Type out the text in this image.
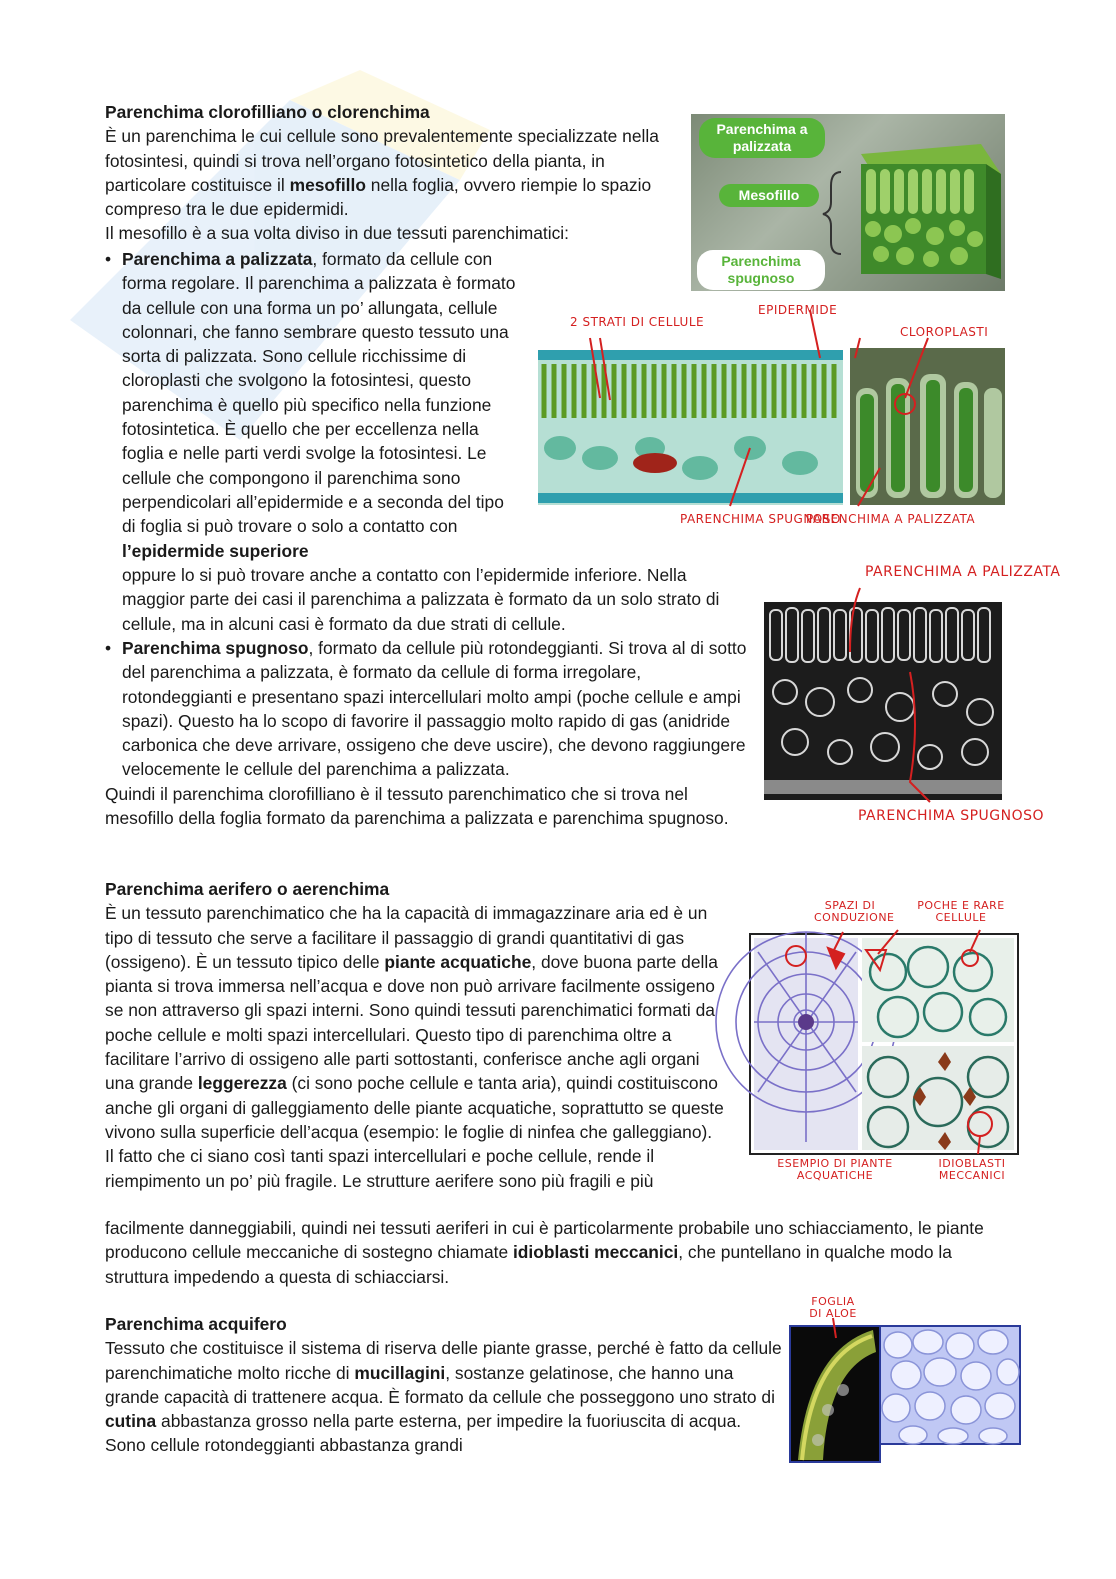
Parenchima clorofilliano o clorenchima

È un parenchima le cui cellule sono prevalentemente specializzate nella fotosintesi, quindi si trova nell’organo fotosintetico della pianta, in particolare costituisce il mesofillo nella foglia, ovvero riempie lo spazio compreso tra le due epidermidi.

Il mesofillo è a sua volta diviso in due tessuti parenchimatici:

• Parenchima a palizzata, formato da cellule con forma regolare. Il parenchima a palizzata è formato da cellule con una forma un po’ allungata, cellule colonnari, che fanno sembrare questo tessuto una sorta di palizzata. Sono cellule ricchissime di cloroplasti che svolgono la fotosintesi, questo parenchima è quello più specifico nella funzione fotosintetica. È quello che per eccellenza nella foglia e nelle parti verdi svolge la fotosintesi. Le cellule che compongono il parenchima sono perpendicolari all’epidermide e a seconda del tipo di foglia si può trovare o solo a contatto con l’epidermide superiore

oppure lo si può trovare anche a contatto con l’epidermide inferiore. Nella maggior parte dei casi il parenchima a palizzata è formato da un solo strato di cellule, ma in alcuni casi è formato da due strati di cellule.

• Parenchima spugnoso, formato da cellule più rotondeggianti. Si trova al di sotto del parenchima a palizzata, è formato da cellule di forma irregolare, rotondeggianti e presentano spazi intercellulari molto ampi (poche cellule e ampi spazi). Questo ha lo scopo di favorire il passaggio molto rapido di gas (anidride carbonica che deve arrivare, ossigeno che deve uscire), che devono raggiungere velocemente le cellule del parenchima a palizzata.

Quindi il parenchima clorofilliano è il tessuto parenchimatico che si trova nel mesofillo della foglia formato da parenchima a palizzata e parenchima spugnoso.

Parenchima aerifero o aerenchima

È un tessuto parenchimatico che ha la capacità di immagazzinare aria ed è un tipo di tessuto che serve a facilitare il passaggio di grandi quantitativi di gas (ossigeno). È un tessuto tipico delle piante acquatiche, dove buona parte della pianta si trova immersa nell’acqua e dove non può arrivare facilmente ossigeno se non attraverso gli spazi interni. Sono quindi tessuti parenchimatici formati da poche cellule e molti spazi intercellulari. Questo tipo di parenchima oltre a facilitare l’arrivo di ossigeno alle parti sottostanti, conferisce anche agli organi una grande leggerezza (ci sono poche cellule e tanta aria), quindi costituiscono anche gli organi di galleggiamento delle piante acquatiche, soprattutto se queste vivono sulla superficie dell’acqua (esempio: le foglie di ninfea che galleggiano).

Il fatto che ci siano così tanti spazi intercellulari e poche cellule, rende il riempimento un po’ più fragile. Le strutture aerifere sono più fragili e più

facilmente danneggiabili, quindi nei tessuti aeriferi in cui è particolarmente probabile uno schiacciamento, le piante producono cellule meccaniche di sostegno chiamate idioblasti meccanici, che puntellano in qualche modo la struttura impedendo a questa di schiacciarsi.

Parenchima acquifero

Tessuto che costituisce il sistema di riserva delle piante grasse, perché è fatto da cellule parenchimatiche molto ricche di mucillagini, sostanze gelatinose, che hanno una grande capacità di trattenere acqua. È formato da cellule che posseggono uno strato di cutina abbastanza grosso nella parte esterna, per impedire la fuoriuscita di acqua. Sono cellule rotondeggianti abbastanza grandi

Parenchima a palizzata
Mesofillo
Parenchima spugnoso
2 STRATI DI CELLULE
EPIDERMIDE
CLOROPLASTI
PARENCHIMA SPUGNOSO
PARENCHIMA A PALIZZATA
PARENCHIMA A PALIZZATA
PARENCHIMA SPUGNOSO
SPAZI DI CONDUZIONE
POCHE E RARE CELLULE
ESEMPIO DI PIANTE ACQUATICHE
IDIOBLASTI MECCANICI
FOGLIA DI ALOE
